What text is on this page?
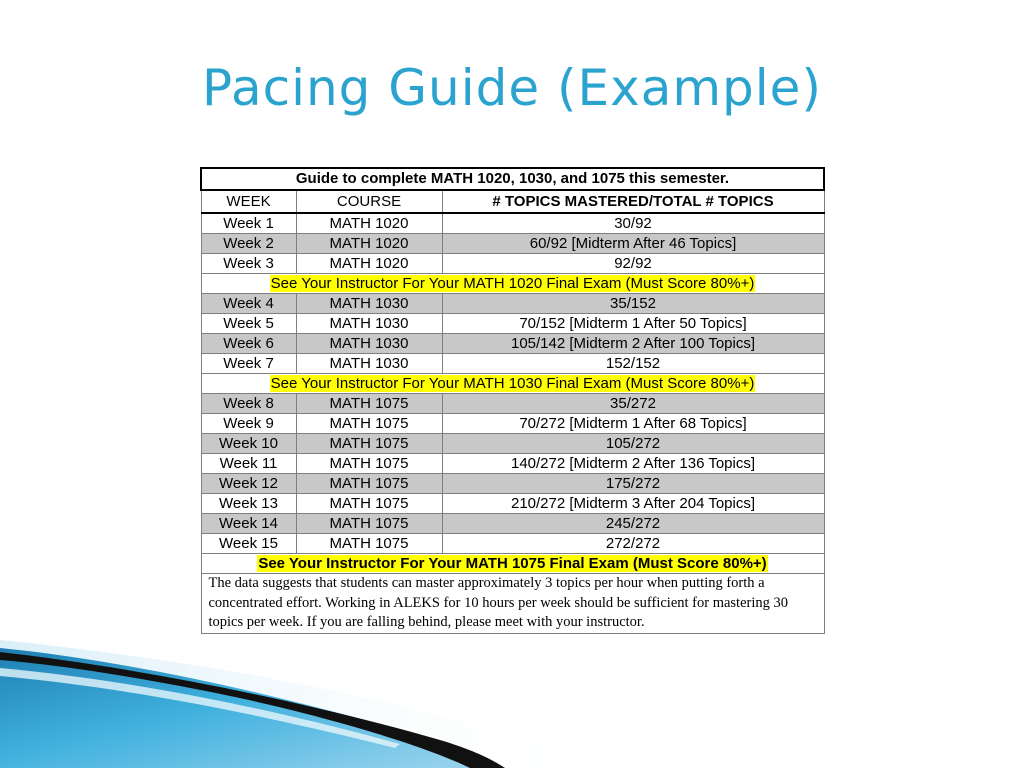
Pacing Guide (Example)
Guide to complete MATH 1020, 1030, and 1075 this semester.		
WEEK	COURSE	# TOPICS MASTERED/TOTAL # TOPICS
Week 1	MATH 1020	30/92
Week 2	MATH 1020	60/92 [Midterm After 46 Topics]
Week 3	MATH 1020	92/92
See Your Instructor For Your MATH 1020 Final Exam (Must Score 80%+)		
Week 4	MATH 1030	35/152
Week 5	MATH 1030	70/152 [Midterm 1 After 50 Topics]
Week 6	MATH 1030	105/142 [Midterm 2 After 100 Topics]
Week 7	MATH 1030	152/152
See Your Instructor For Your MATH 1030 Final Exam (Must Score 80%+)		
Week 8	MATH 1075	35/272
Week 9	MATH 1075	70/272 [Midterm 1 After 68 Topics]
Week 10	MATH 1075	105/272
Week 11	MATH 1075	140/272 [Midterm 2 After 136 Topics]
Week 12	MATH 1075	175/272
Week 13	MATH 1075	210/272 [Midterm 3 After 204 Topics]
Week 14	MATH 1075	245/272
Week 15	MATH 1075	272/272
See Your Instructor For Your MATH 1075 Final Exam (Must Score 80%+)		
The data suggests that students can master approximately 3 topics per hour when putting forth a concentrated effort. Working in ALEKS for 10 hours per week should be sufficient for mastering 30 topics per week. If you are falling behind, please meet with your instructor.		
